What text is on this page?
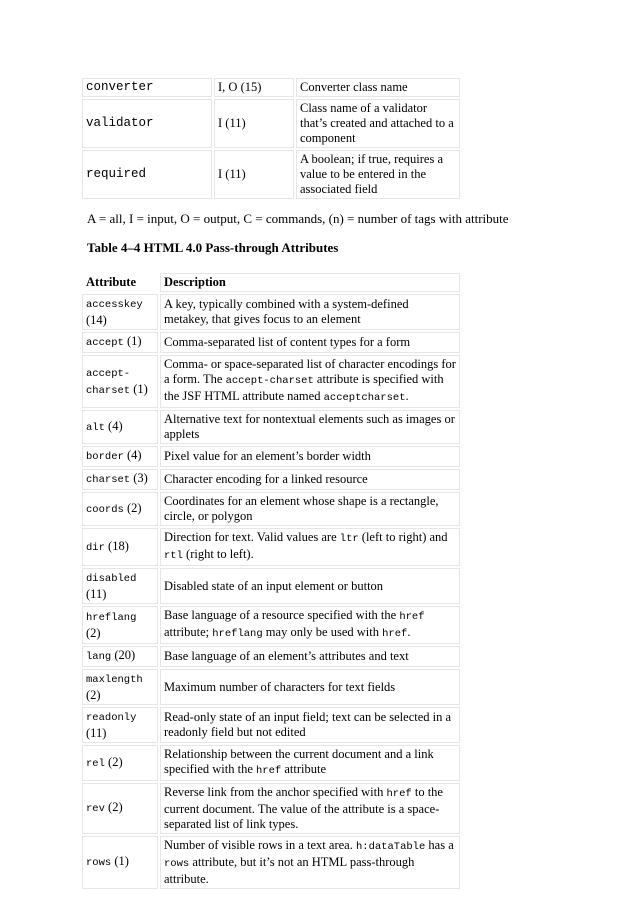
converter	I, O (15)	Converter class name
validator	I (11)	Class name of a validator that’s created and attached to a component
required	I (11)	A boolean; if true, requires a value to be entered in the associated field
A = all, I = input, O = output, C = commands, (n) = number of tags with attribute
Table 4–4 HTML 4.0 Pass-through Attributes
Attribute	Description
accesskey (14)	A key, typically combined with a system-defined metakey, that gives focus to an element
accept (1)	Comma-separated list of content types for a form
accept-charset (1)	Comma- or space-separated list of character encodings for a form. The accept-charset attribute is specified with the JSF HTML attribute named acceptcharset.
alt (4)	Alternative text for nontextual elements such as images or applets
border (4)	Pixel value for an element’s border width
charset (3)	Character encoding for a linked resource
coords (2)	Coordinates for an element whose shape is a rectangle, circle, or polygon
dir (18)	Direction for text. Valid values are ltr (left to right) and rtl (right to left).
disabled (11)	Disabled state of an input element or button
hreflang (2)	Base language of a resource specified with the href attribute; hreflang may only be used with href.
lang (20)	Base language of an element’s attributes and text
maxlength (2)	Maximum number of characters for text fields
readonly (11)	Read-only state of an input field; text can be selected in a readonly field but not edited
rel (2)	Relationship between the current document and a link specified with the href attribute
rev (2)	Reverse link from the anchor specified with href to the current document. The value of the attribute is a space-separated list of link types.
rows (1)	Number of visible rows in a text area. h:dataTable has a rows attribute, but it’s not an HTML pass-through attribute.
